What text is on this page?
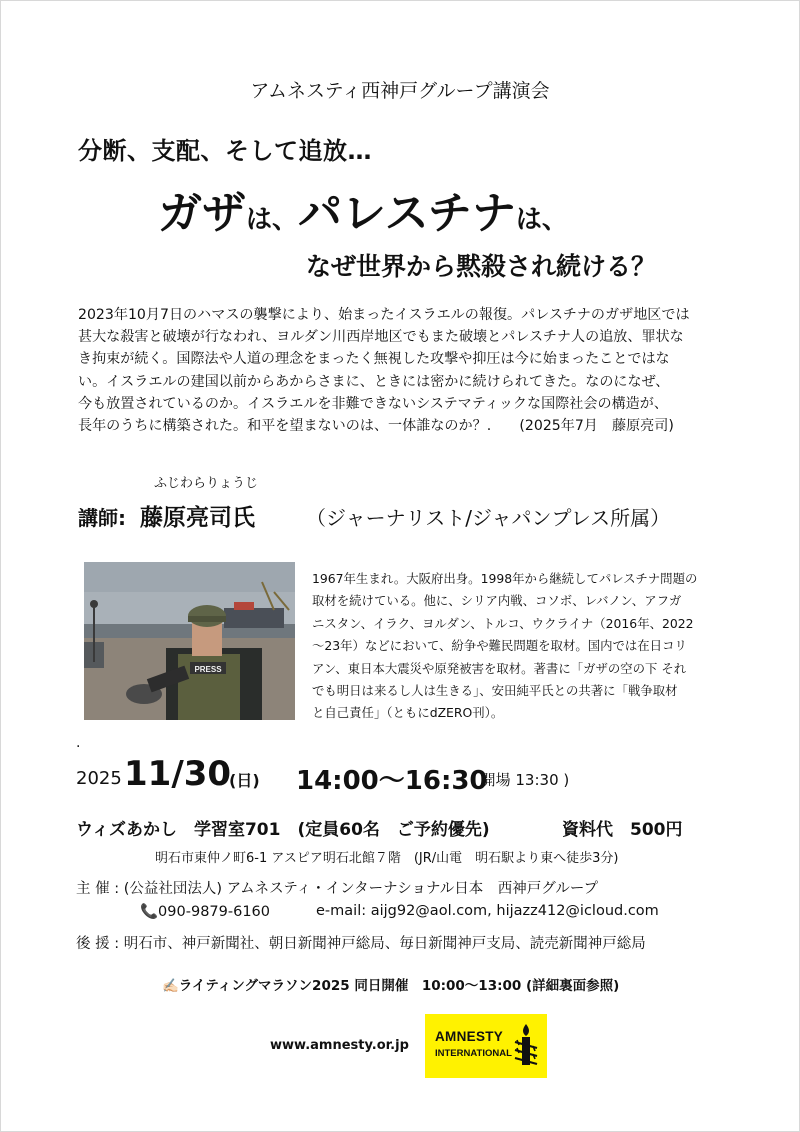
アムネスティ西神戸グループ講演会
分断、支配、そして追放…
ガザは、パレスチナは、
なぜ世界から黙殺され続ける？
2023年10月7日のハマスの襲撃により、始まったイスラエルの報復。パレスチナのガザ地区では
甚大な殺害と破壊が行なわれ、ヨルダン川西岸地区でもまた破壊とパレスチナ人の追放、罪状な
き拘束が続く。国際法や人道の理念をまったく無視した攻撃や抑圧は今に始まったことではな
い。イスラエルの建国以前からあからさまに、ときには密かに続けられてきた。なのになぜ、
今も放置されているのか。イスラエルを非難できないシステマティックな国際社会の構造が、
長年のうちに構築された。和平を望まないのは、一体誰なのか？.　　(2025年7月　藤原亮司)
ふじわらりょうじ
講師: 藤原亮司氏	（ジャーナリスト/ジャパンプレス所属）
PRESS
1967年生まれ。大阪府出身。1998年から継続してパレスチナ問題の
取材を続けている。他に、シリア内戦、コソボ、レバノン、アフガ
ニスタン、イラク、ヨルダン、トルコ、ウクライナ（2016年、2022
〜23年）などにおいて、紛争や難民問題を取材。国内では在日コリ
アン、東日本大震災や原発被害を取材。著書に「ガザの空の下 それ
でも明日は来るし人は生きる」、安田純平氏との共著に「戦争取材
と自己責任」（ともにdZERO刊）。
.
2025 11/30
(日) 14:00〜16:30
( 開場 13:30 )
ウィズあかし　学習室701　(定員60名　ご予約優先)	資料代　500円
明石市東仲ノ町6-1 アスピア明石北館７階　(JR/山電　明石駅より東へ徒歩3分)
主 催 : (公益社団法人) アムネスティ・インターナショナル日本　西神戸グループ
📞090-9879-6160	e-mail: aijg92@aol.com, hijazz412@icloud.com
後 援 : 明石市、神戸新聞社、朝日新聞神戸総局、毎日新聞神戸支局、読売新聞神戸総局
✍🏻ライティングマラソン2025 同日開催　10:00〜13:00 (詳細裏面参照)
www.amnesty.or.jp
AMNESTY
INTERNATIONAL
